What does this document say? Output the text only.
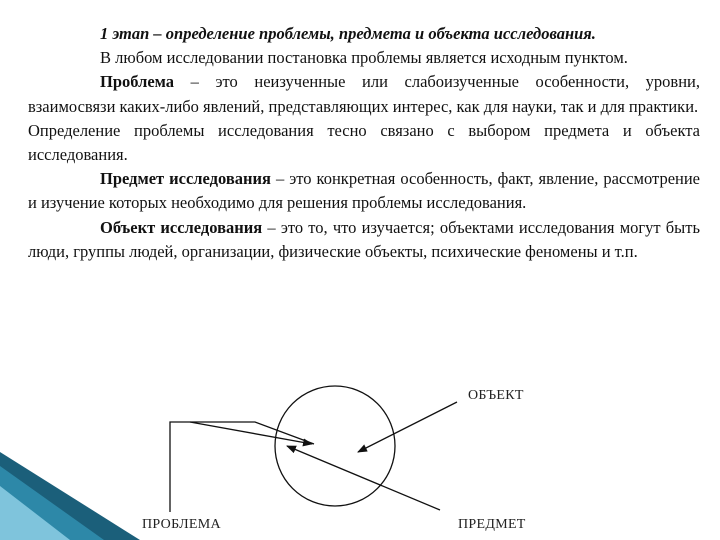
1 этап – определение проблемы, предмета и объекта исследования.

В любом исследовании постановка проблемы является исходным пунктом.

Проблема – это неизученные или слабоизученные особенности, уровни, взаимосвязи каких-либо явлений, представляющих интерес, как для науки, так и для практики.

Определение проблемы исследования тесно связано с выбором предмета и объекта исследования.

Предмет исследования – это конкретная особенность, факт, явление, рассмотрение и изучение которых необходимо для решения проблемы исследования.

Объект исследования – это то, что изучается; объектами исследования могут быть люди, группы людей, организации, физические объекты, психические феномены и т.п.

ОБЪЕКТ
ПРОБЛЕМА	ПРЕДМЕТ
